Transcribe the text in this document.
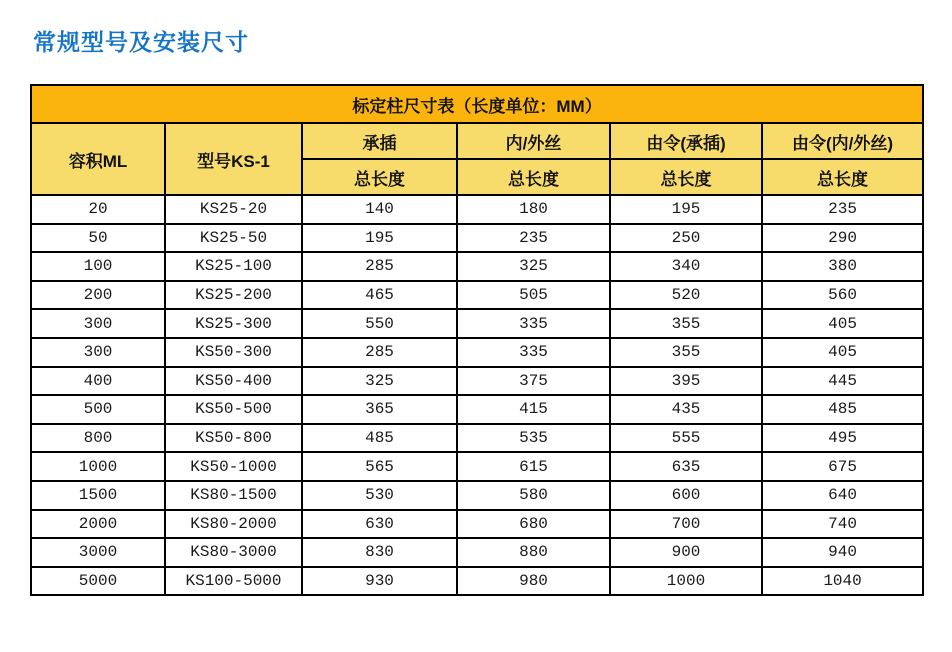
常规型号及安装尺寸
标定柱尺寸表（长度单位：MM）					
容积ML	型号KS-1	承插	内/外丝	由令(承插)	由令(内/外丝)
		总长度	总长度	总长度	总长度
20	KS25-20	140	180	195	235
50	KS25-50	195	235	250	290
100	KS25-100	285	325	340	380
200	KS25-200	465	505	520	560
300	KS25-300	550	335	355	405
300	KS50-300	285	335	355	405
400	KS50-400	325	375	395	445
500	KS50-500	365	415	435	485
800	KS50-800	485	535	555	495
1000	KS50-1000	565	615	635	675
1500	KS80-1500	530	580	600	640
2000	KS80-2000	630	680	700	740
3000	KS80-3000	830	880	900	940
5000	KS100-5000	930	980	1000	1040
